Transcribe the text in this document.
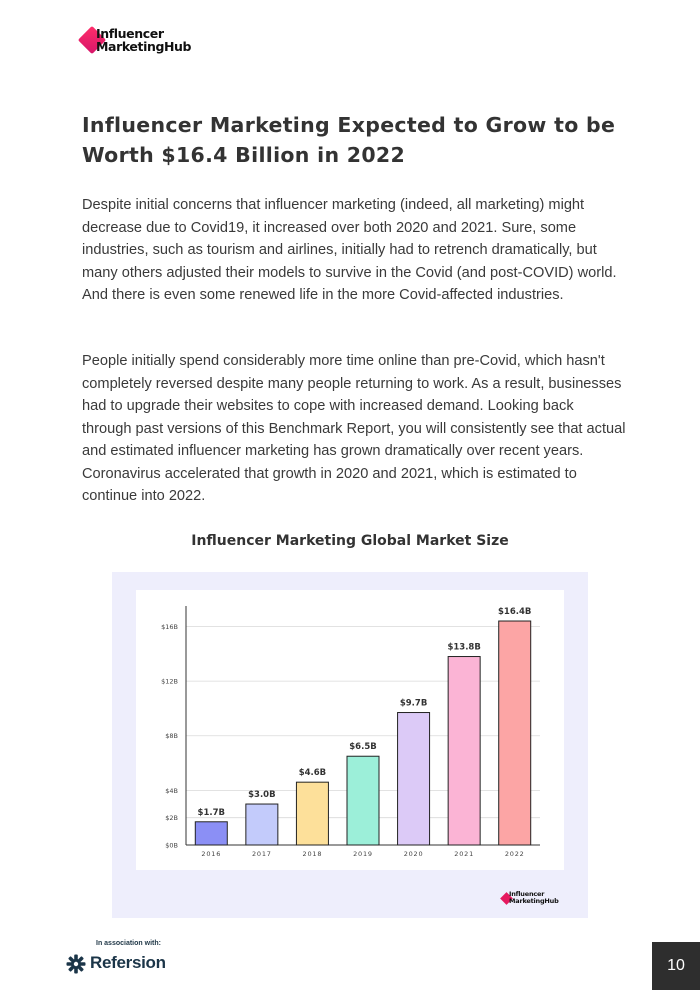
Influencer
MarketingHub
Influencer Marketing Expected to Grow to be Worth $16.4 Billion in 2022

Despite initial concerns that influencer marketing (indeed, all marketing) might decrease due to Covid19, it increased over both 2020 and 2021. Sure, some industries, such as tourism and airlines, initially had to retrench dramatically, but many others adjusted their models to survive in the Covid (and post-COVID) world. And there is even some renewed life in the more Covid-affected industries.

People initially spend considerably more time online than pre-Covid, which hasn't completely reversed despite many people returning to work. As a result, businesses had to upgrade their websites to cope with increased demand. Looking back through past versions of this Benchmark Report, you will consistently see that actual and estimated influencer marketing has grown dramatically over recent years. Coronavirus accelerated that growth in 2020 and 2021, which is estimated to continue into 2022.

Influencer Marketing Global Market Size
$0B
$2B
$4B
$8B
$12B
$16B
$1.7B
2016
$3.0B
2017
$4.6B
2018
$6.5B
2019
$9.7B
2020
$13.8B
2021
$16.4B
2022
Influencer
MarketingHub
In association with:
Refersion	10
